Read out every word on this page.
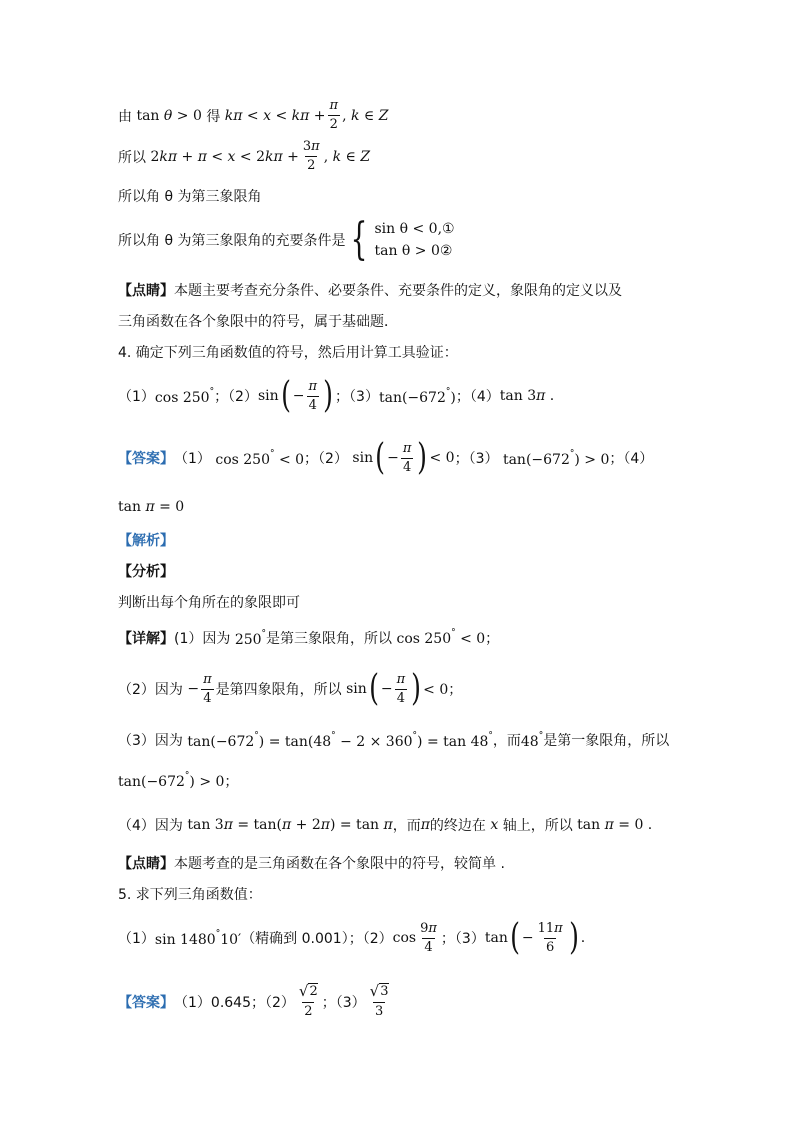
由 tan θ > 0 得 $k\pi < x < k\pi + \frac{\pi}{2}$ , k ∈ Z
所以 $2k\pi + \pi < x < 2k\pi + \frac{3\pi}{2}$ , k ∈ Z
所以角 θ 为第三象限角
所以角 θ 为第三象限角的充要条件是 { sin θ < 0,①
tan θ > 0②
【点睛】 本题主要考查充分条件、必要条件、充要条件的定义，象限角的定义以及
三角函数在各个象限中的符号，属于基础题．
4. 确定下列三角函数值的符号，然后用计算工具验证：
（1） cos 250° ；（2） sin ( − $\frac{\pi}{4}$ ) ；（3） tan(−672°) ；（4） tan 3π .
【答案】 （1） cos 250° < 0 ；（2） sin ( − $\frac{\pi}{4}$ ) < 0 ；（3） tan(−672°) > 0 ；（4）
tan π = 0
【解析】
【分析】
判断出每个角所在的象限即可
【详解】 (1）因为 250° 是第三象限角，所以 cos 250° < 0；
（2）因为 − $\frac{\pi}{4}$ 是第四象限角，所以 sin ( − $\frac{\pi}{4}$ ) < 0；
（3）因为 tan(−672°) = tan(48° − 2 × 360°) = tan 48° ，而 48° 是第一象限角，所以
tan(−672°) > 0；
（4）因为 tan 3π = tan(π + 2π) = tan π ，而 π 的终边在 x 轴上，所以 tan π = 0 .
【点睛】 本题考查的是三角函数在各个象限中的符号，较简单 .
5. 求下列三角函数值：
（1） sin 1480°10′ （精确到 0.001）；（2） $\cos \frac{9\pi}{4}$ ；（3） tan ( − $\frac{11\pi}{6}$ ) .
【答案】 （1）0.645；$(2) \frac{√ 2}{2}$ ；$(3) \frac{√ 3}{3}$
